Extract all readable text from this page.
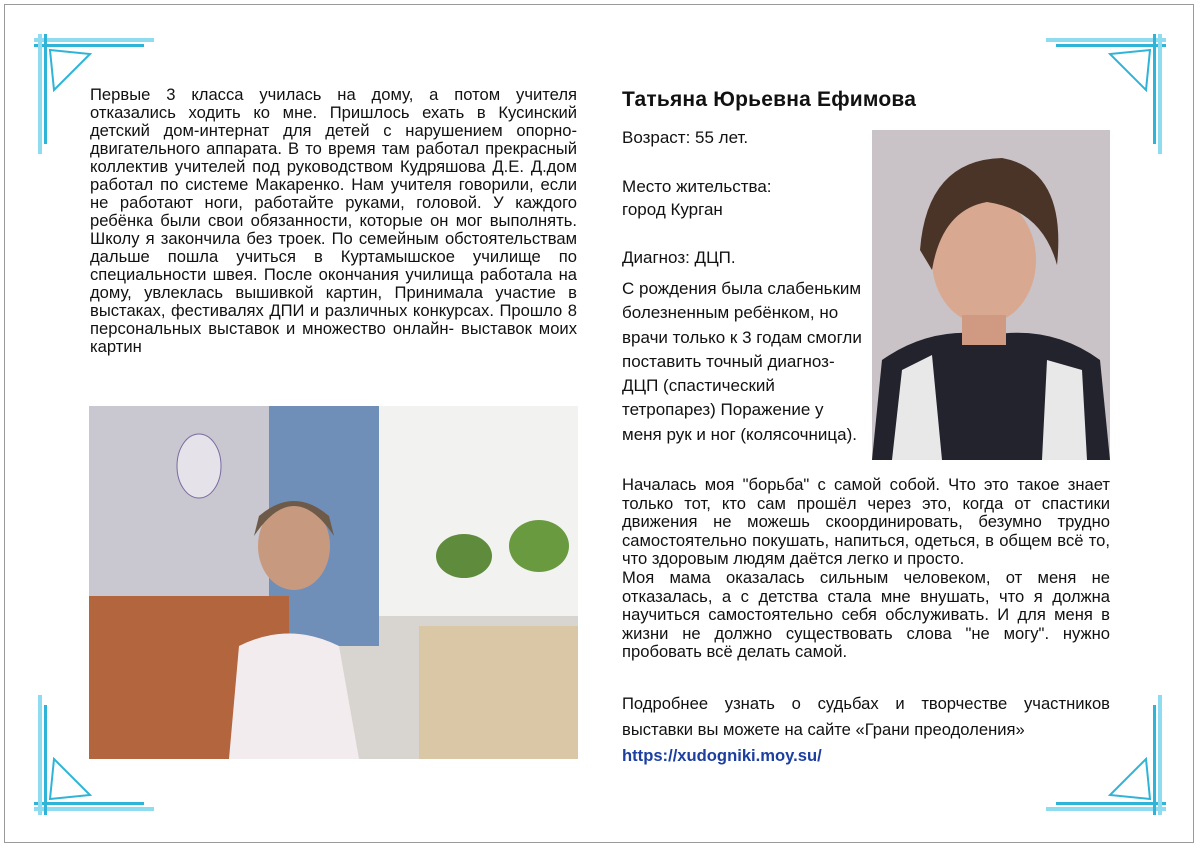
Первые 3 класса училась на дому, а потом учителя отказались ходить ко мне. Пришлось ехать в Кусинский детский дом-интернат для детей с нарушением опорно-двигательного аппарата. В то время там работал прекрасный коллектив учителей под руководством Кудряшова Д.Е. Д.дом работал по системе Макаренко. Нам учителя говорили, если не работают ноги, работайте руками, головой. У каждого ребёнка были свои обязанности, которые он мог выполнять. Школу я закончила без троек. По семейным обстоятельствам дальше пошла учиться в Куртамышское училище по специальности швея. После окончания училища работала на дому, увлеклась вышивкой картин, Принимала участие в выстаках, фестивалях ДПИ и различных конкурсах. Прошло 8 персональных выставок и множество онлайн- выставок моих картин

Татьяна Юрьевна Ефимова

Возраст: 55 лет.

Место жительства:
город Курган

Диагноз: ДЦП.

С рождения была слабеньким болезненным ребёнком, но врачи только к 3 годам смогли поставить точный диагноз- ДЦП (спастический тетропарез) Поражение у меня рук и ног (колясочница).

Началась моя "борьба" с самой собой. Что это такое знает только тот, кто сам прошёл через это, когда от спастики движения не можешь скоординировать, безумно трудно самостоятельно покушать, напиться, одеться, в общем всё то, что здоровым людям даётся легко и просто.
Моя мама оказалась сильным человеком, от меня не отказалась, а с детства стала мне внушать, что я должна научиться самостоятельно себя обслуживать. И для меня в жизни не должно существовать слова "не могу". нужно пробовать всё делать самой.
Подробнее узнать о судьбах и творчестве участников выставки вы можете на сайте «Грани преодоления»
https://xudogniki.moy.su/
